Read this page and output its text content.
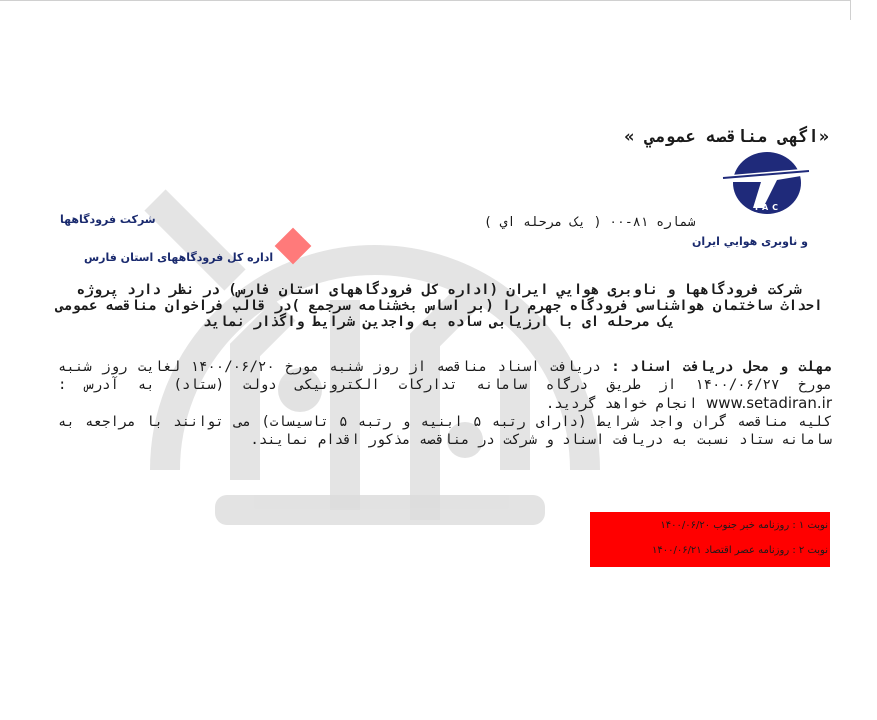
«اگهی مناقصه عمومي »
IAC
شرکت فرودگاهها
اداره کل فرودگاههای استان فارس
شماره ۸۱-۰۰ ( يک مرحله اي )
و ناوبری هوايي ايران
شرکت فرودگاهها و ناوبری هوايي ايران (اداره کل فرودگاههای استان فارس) در نظر دارد پروژه احداث ساختمان هواشناسی فرودگاه جهرم را (بر اساس بخشنامه سرجمع )در قالب فراخوان مناقصه عمومی یک مرحله ای با ارزیابی ساده به واجدين شرايط واگذار نمايد
مهلت و محل دریافت اسناد : دریافت اسناد مناقصه از روز شنبه مورخ ۱۴۰۰/۰۶/۲۰ لغایت روز شنبه مورخ ۱۴۰۰/۰۶/۲۷ از طریق درگاه سامانه تدارکات الکترونیکی دولت (ستاد) به آدرس : www.setadiran.ir انجام خواهد گردید.
کلیه مناقصه گران واجد شرایط (دارای رتبه ۵ ابنیه و رتبه ۵ تاسیسات) می توانند با مراجعه به سامانه ستاد نسبت به دریافت اسناد و شرکت در مناقصه مذکور اقدام نمایند.
نوبت ۱ : روزنامه خبر جنوب ۱۴۰۰/۰۶/۲۰
نوبت ۲ : روزنامه عصر اقتصاد ۱۴۰۰/۰۶/۲۱
